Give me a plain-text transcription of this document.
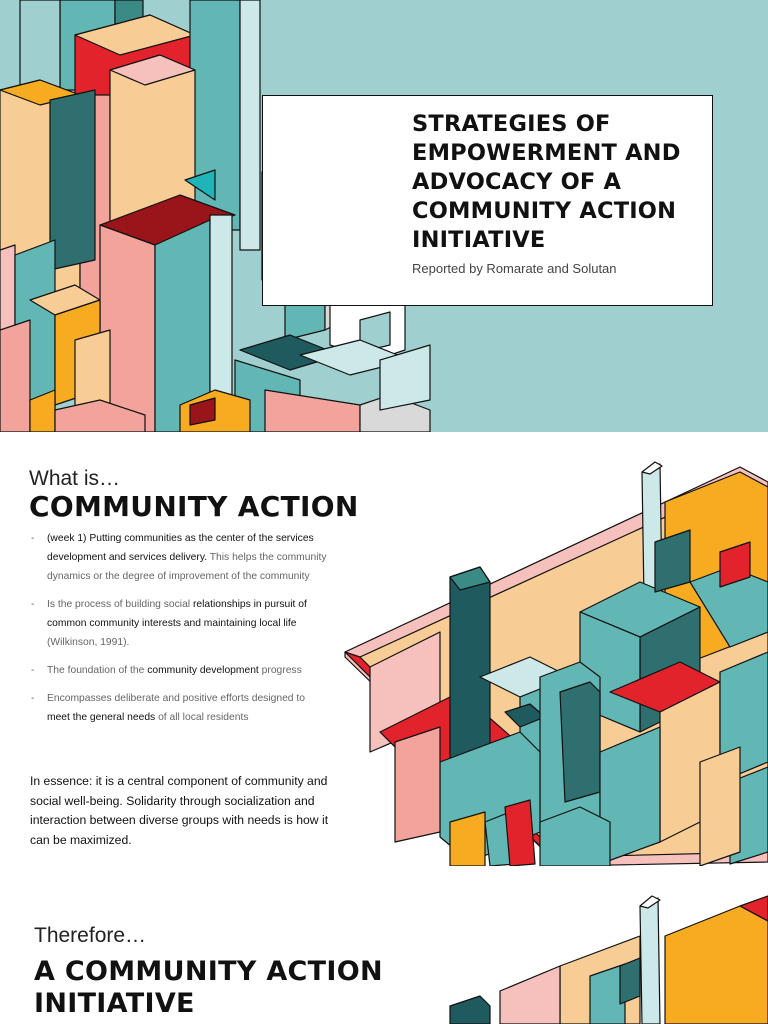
STRATEGIES OF EMPOWERMENT AND ADVOCACY OF A COMMUNITY ACTION INITIATIVE

Reported by Romarate and Solutan

What is…
COMMUNITY ACTION
- (week 1) Putting communities as the center of the services development and services delivery. This helps the community dynamics or the degree of improvement of the community
- Is the process of building social relationships in pursuit of common community interests and maintaining local life (Wilkinson, 1991).
- The foundation of the community development progress
- Encompasses deliberate and positive efforts designed to meet the general needs of all local residents

In essence: it is a central component of community and social well-being. Solidarity through socialization and interaction between diverse groups with needs is how it can be maximized.

Therefore…
A COMMUNITY ACTION
INITIATIVE
